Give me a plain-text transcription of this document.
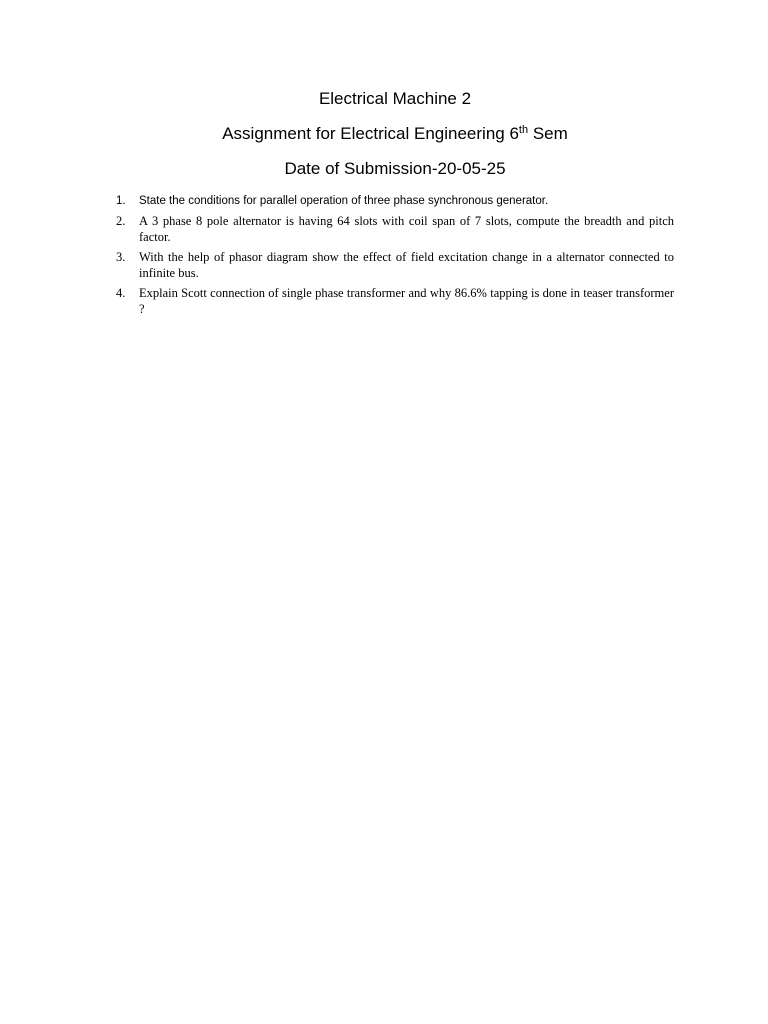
Electrical Machine 2
Assignment for Electrical Engineering 6th Sem
Date of Submission-20-05-25
1.	State the conditions for parallel operation of three phase synchronous generator.
2.	A 3 phase 8 pole alternator is having 64 slots with coil span of 7 slots, compute the breadth and pitch factor.
3.	With the help of phasor diagram show the effect of field excitation change in a alternator connected to infinite bus.
4.	Explain Scott connection of single phase transformer and why 86.6% tapping is done in teaser transformer ?
